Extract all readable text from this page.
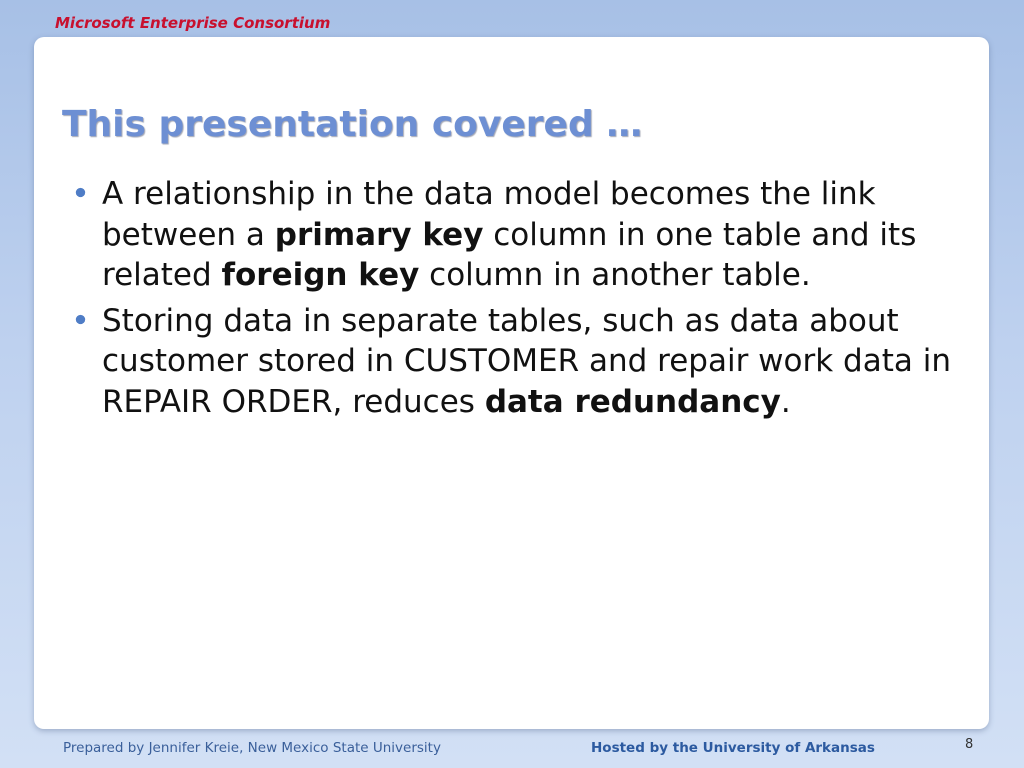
Microsoft Enterprise Consortium
This presentation covered …
A relationship in the data model becomes the link between a primary key column in one table and its related foreign key column in another table.
Storing data in separate tables, such as data about customer stored in CUSTOMER and repair work data in REPAIR ORDER, reduces data redundancy.
Prepared by Jennifer Kreie, New Mexico State University	Hosted by the University of Arkansas	8
